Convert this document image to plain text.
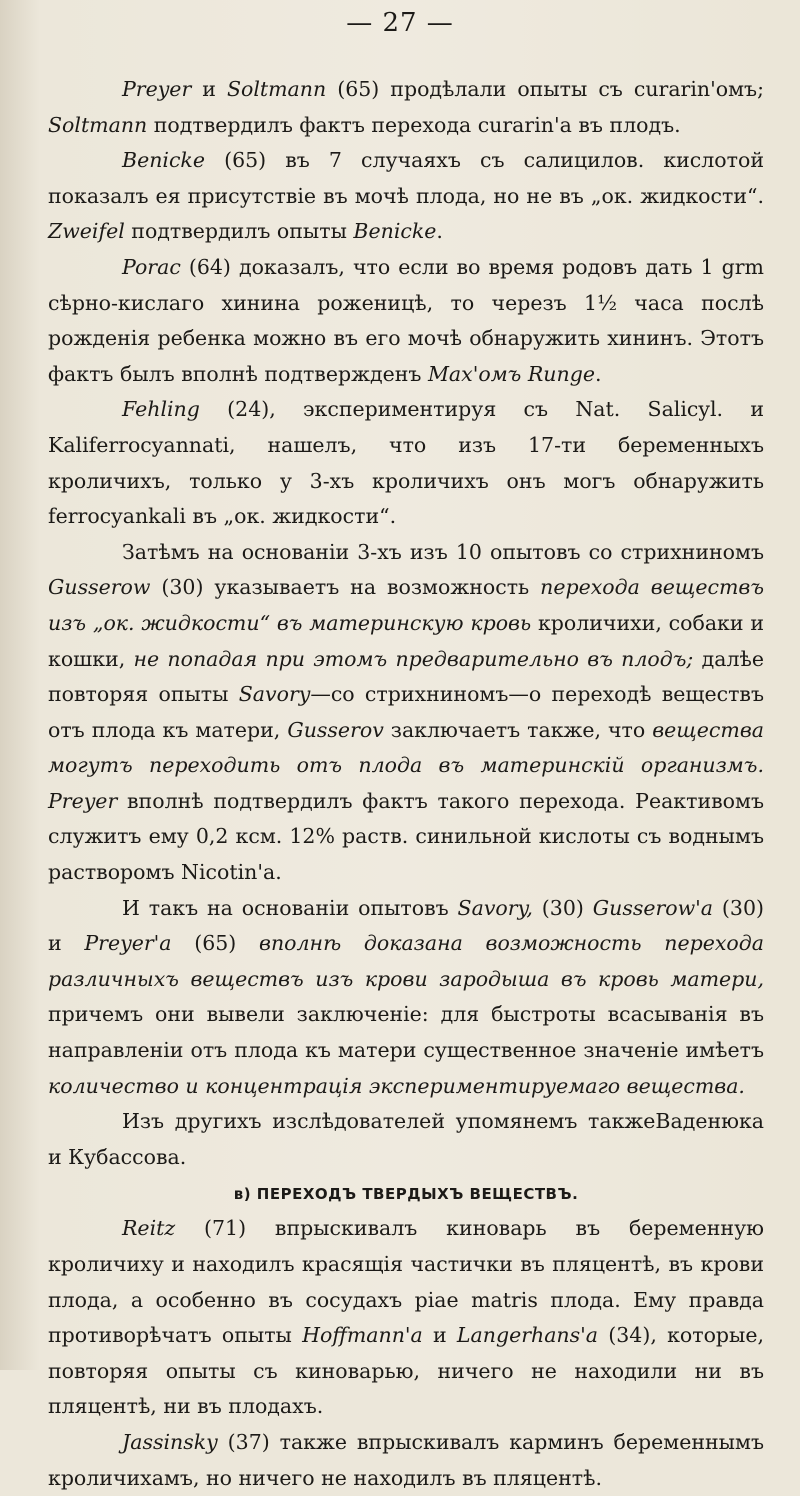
— 27 —

Preyer и Soltmann (65) продѣлали опыты съ curarin'омъ; Soltmann подтвердилъ фактъ перехода curarin'a въ плодъ.

Benicke (65) въ 7 случаяхъ съ салицилов. кислотой показалъ ея присутствіе въ мочѣ плода, но не въ „ок. жидкости“. Zweifel подтвердилъ опыты Benicke.

Porac (64) доказалъ, что если во время родовъ дать 1 grm сѣрно-кислаго хинина роженицѣ, то черезъ 1½ часа послѣ рожденія ребенка можно въ его мочѣ обнаружить хининъ. Этотъ фактъ былъ вполнѣ подтвержденъ Мах'омъ Runge.

Fehling (24), экспериментируя съ Nat. Salicyl. и Kaliferrocyannati, нашелъ, что изъ 17-ти беременныхъ кроличихъ, только у 3-хъ кроличихъ онъ могъ обнаружить ferrocyankali въ „ок. жидкости“.

Затѣмъ на основаніи 3-хъ изъ 10 опытовъ со стрихниномъ Gusserow (30) указываетъ на возможность перехода веществъ изъ „ок. жидкости“ въ материнскую кровь кроличихи, собаки и кошки, не попадая при этомъ предварительно въ плодъ; далѣе повторяя опыты Savory—со стрихниномъ—о переходѣ веществъ отъ плода къ матери, Gusserov заключаетъ также, что вещества могутъ переходить отъ плода въ материнскій организмъ. Preyer вполнѣ подтвердилъ фактъ такого перехода. Реактивомъ служитъ ему 0,2 ксм. 12% раств. синильной кислоты съ воднымъ растворомъ Nicotin'a.

И такъ на основаніи опытовъ Savory, (30) Gusserow'a (30) и Preyer'a (65) вполнѣ доказана возможность перехода различныхъ веществъ изъ крови зародыша въ кровь матери, причемъ они вывели заключеніе: для быстроты всасыванія въ направленіи отъ плода къ матери существенное значеніе имѣетъ количество и концентрація экспериментируемаго вещества.

Изъ другихъ изслѣдователей упомянемъ такжеВаденюка и Кубассова.

в) ПЕРЕХОДЪ ТВЕРДЫХЪ ВЕЩЕСТВЪ.

Reitz (71) впрыскивалъ киноварь въ беременную кроличиху и находилъ красящія частички въ пляцентѣ, въ крови плода, а особенно въ сосудахъ ріае matris плода. Ему правда противорѣчатъ опыты Hoffmann'a и Langerhans'a (34), которые, повторяя опыты съ киноварью, ничего не находили ни въ пляцентѣ, ни въ плодахъ.

Jassinsky (37) также впрыскивалъ карминъ беременнымъ кроличихамъ, но ничего не находилъ въ пляцентѣ.
